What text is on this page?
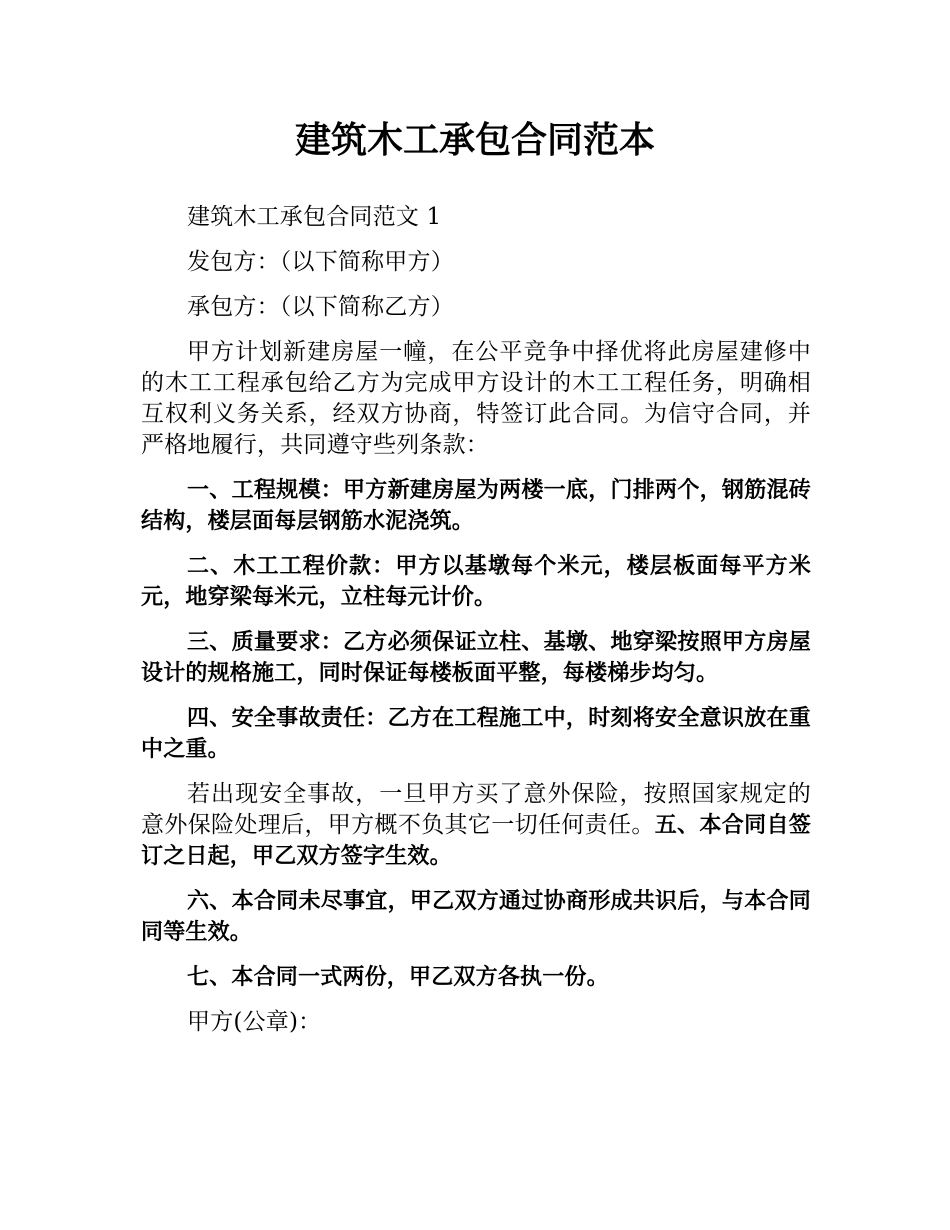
建筑木工承包合同范本

建筑木工承包合同范文 1

发包方：（以下简称甲方）

承包方：（以下简称乙方）

甲方计划新建房屋一幢，在公平竞争中择优将此房屋建修中的木工工程承包给乙方为完成甲方设计的木工工程任务，明确相互权利义务关系，经双方协商，特签订此合同。为信守合同，并严格地履行，共同遵守些列条款：

一、工程规模：甲方新建房屋为两楼一底，门排两个，钢筋混砖结构，楼层面每层钢筋水泥浇筑。

二、木工工程价款：甲方以基墩每个米元，楼层板面每平方米元，地穿梁每米元，立柱每元计价。

三、质量要求：乙方必须保证立柱、基墩、地穿梁按照甲方房屋设计的规格施工，同时保证每楼板面平整，每楼梯步均匀。

四、安全事故责任：乙方在工程施工中，时刻将安全意识放在重中之重。

若出现安全事故，一旦甲方买了意外保险，按照国家规定的意外保险处理后，甲方概不负其它一切任何责任。五、本合同自签订之日起，甲乙双方签字生效。

六、本合同未尽事宜，甲乙双方通过协商形成共识后，与本合同同等生效。

七、本合同一式两份，甲乙双方各执一份。

甲方(公章)：
